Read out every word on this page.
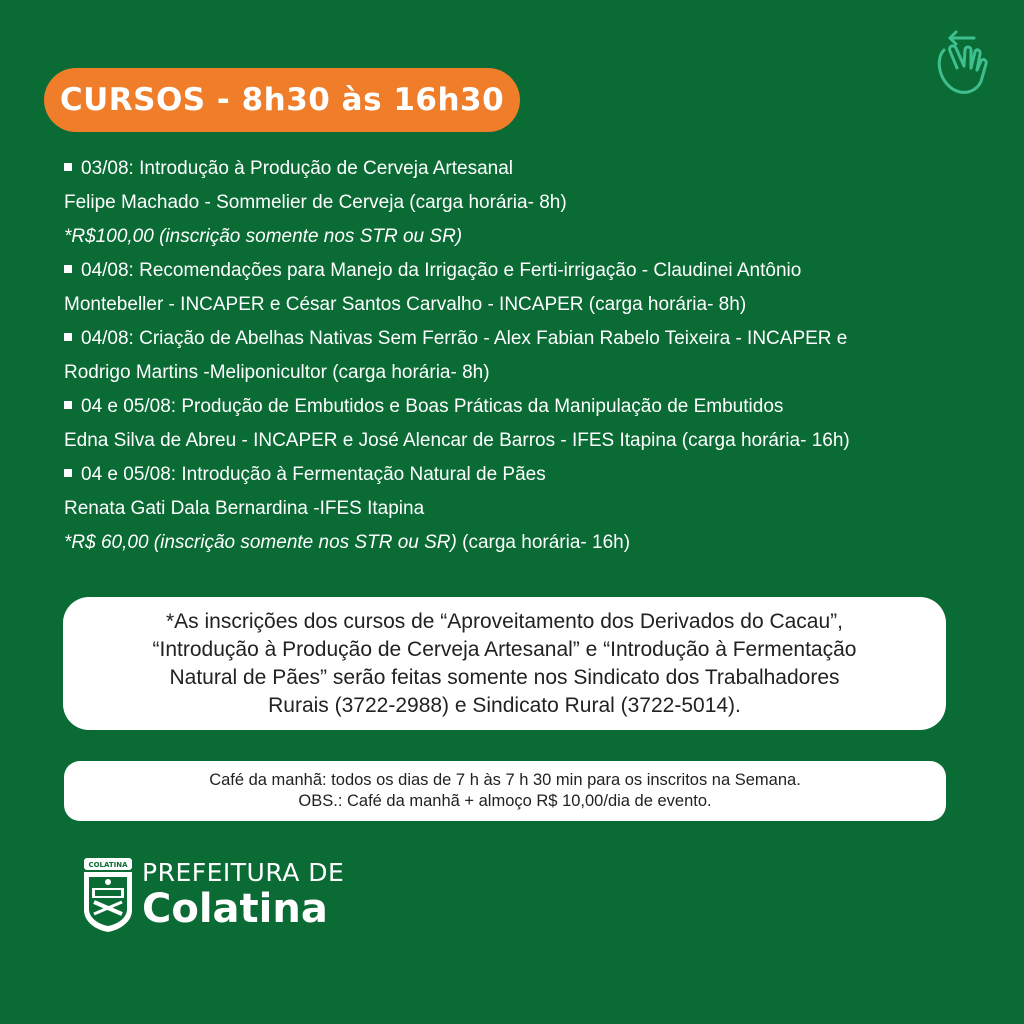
CURSOS - 8h30 às 16h30
03/08: Introdução à Produção de Cerveja Artesanal
Felipe Machado - Sommelier de Cerveja (carga horária- 8h)
*R$100,00 (inscrição somente nos STR ou SR)
04/08: Recomendações para Manejo da Irrigação e Ferti-irrigação - Claudinei Antônio
Montebeller - INCAPER e César Santos Carvalho - INCAPER (carga horária- 8h)
04/08: Criação de Abelhas Nativas Sem Ferrão - Alex Fabian Rabelo Teixeira - INCAPER e
Rodrigo Martins -Meliponicultor (carga horária- 8h)
04 e 05/08: Produção de Embutidos e Boas Práticas da Manipulação de Embutidos
Edna Silva de Abreu - INCAPER e José Alencar de Barros - IFES Itapina (carga horária- 16h)
04 e 05/08: Introdução à Fermentação Natural de Pães
Renata Gati Dala Bernardina -IFES Itapina
*R$ 60,00 (inscrição somente nos STR ou SR) (carga horária- 16h)
*As inscrições dos cursos de “Aproveitamento dos Derivados do Cacau”,
“Introdução à Produção de Cerveja Artesanal” e “Introdução à Fermentação
Natural de Pães” serão feitas somente nos Sindicato dos Trabalhadores
Rurais (3722-2988) e Sindicato Rural (3722-5014).
Café da manhã: todos os dias de 7 h às 7 h 30 min para os inscritos na Semana.
OBS.: Café da manhã + almoço R$ 10,00/dia de evento.
COLATINA PREFEITURA DE
Colatina
